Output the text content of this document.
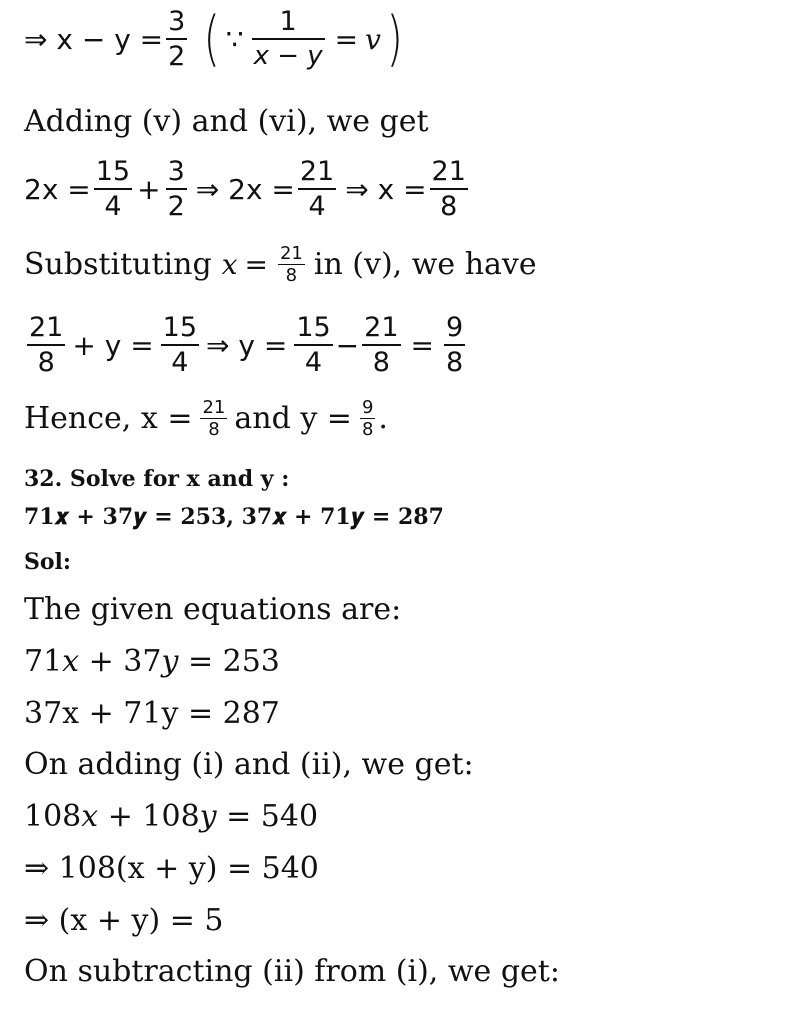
⇒ $x - y = \frac{3}{2}$ ( ∵ $\frac{1}{x - y} = v$ )
Adding (v) and (vi), we get
$2x = \frac{15}{4} + \frac{3}{2}$ ⇒ $2x = \frac{21}{4}$ ⇒ $x = \frac{21}{8}$
Substituting $x = \frac{21}{8}$ in (v), we have
$\frac{21}{8} + y = \frac{15}{4}$ ⇒ $y = \frac{15}{4} - \frac{21}{8} = \frac{9}{8}$
Hence, $x = \frac{21}{8}$ and $y = \frac{9}{8}$ .
32. Solve for x and y :
71𝒙 + 37𝒚 = 253, 37𝒙 + 71𝒚 = 287
Sol:
The given equations are:
71𝑥 + 37𝑦 = 253
37x + 71y = 287
On adding (i) and (ii), we get:
108𝑥 + 108𝑦 = 540
⇒ 108(x + y) = 540
⇒ (x + y) = 5
On subtracting (ii) from (i), we get:
